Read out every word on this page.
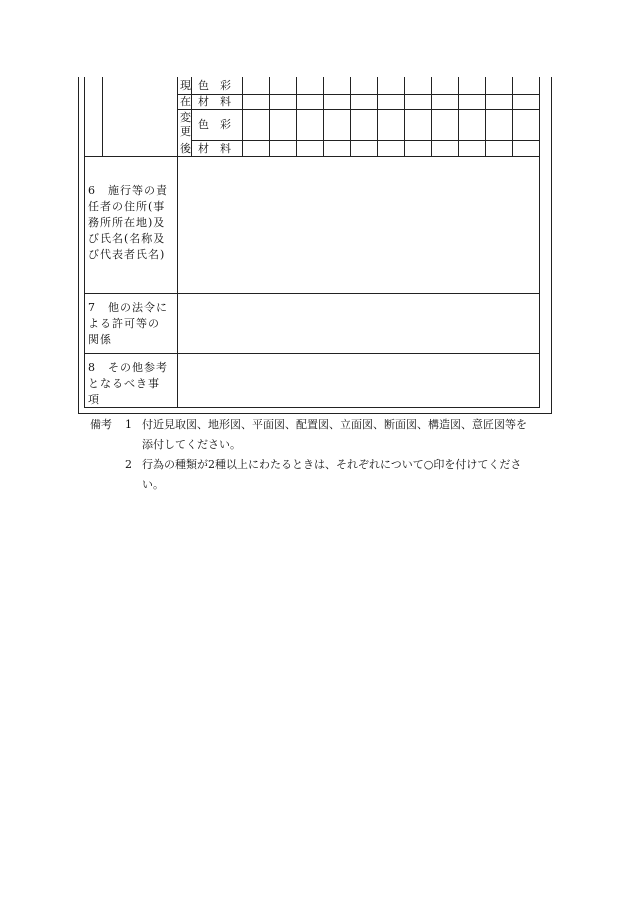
現
在
変
更
後
色　彩
材　料
色　彩
材　料
6　施行等の責
任者の住所(事
務所所在地)及
び氏名(名称及
び代表者氏名)
7　他の法令に
よる許可等の
関係
8　その他参考
となるべき事
項
備考 1 付近見取図、地形図、平面図、配置図、立面図、断面図、構造図、意匠図等を
添付してください。
2 行為の種類が2種以上にわたるときは、それぞれについて○印を付けてくださ
い。
